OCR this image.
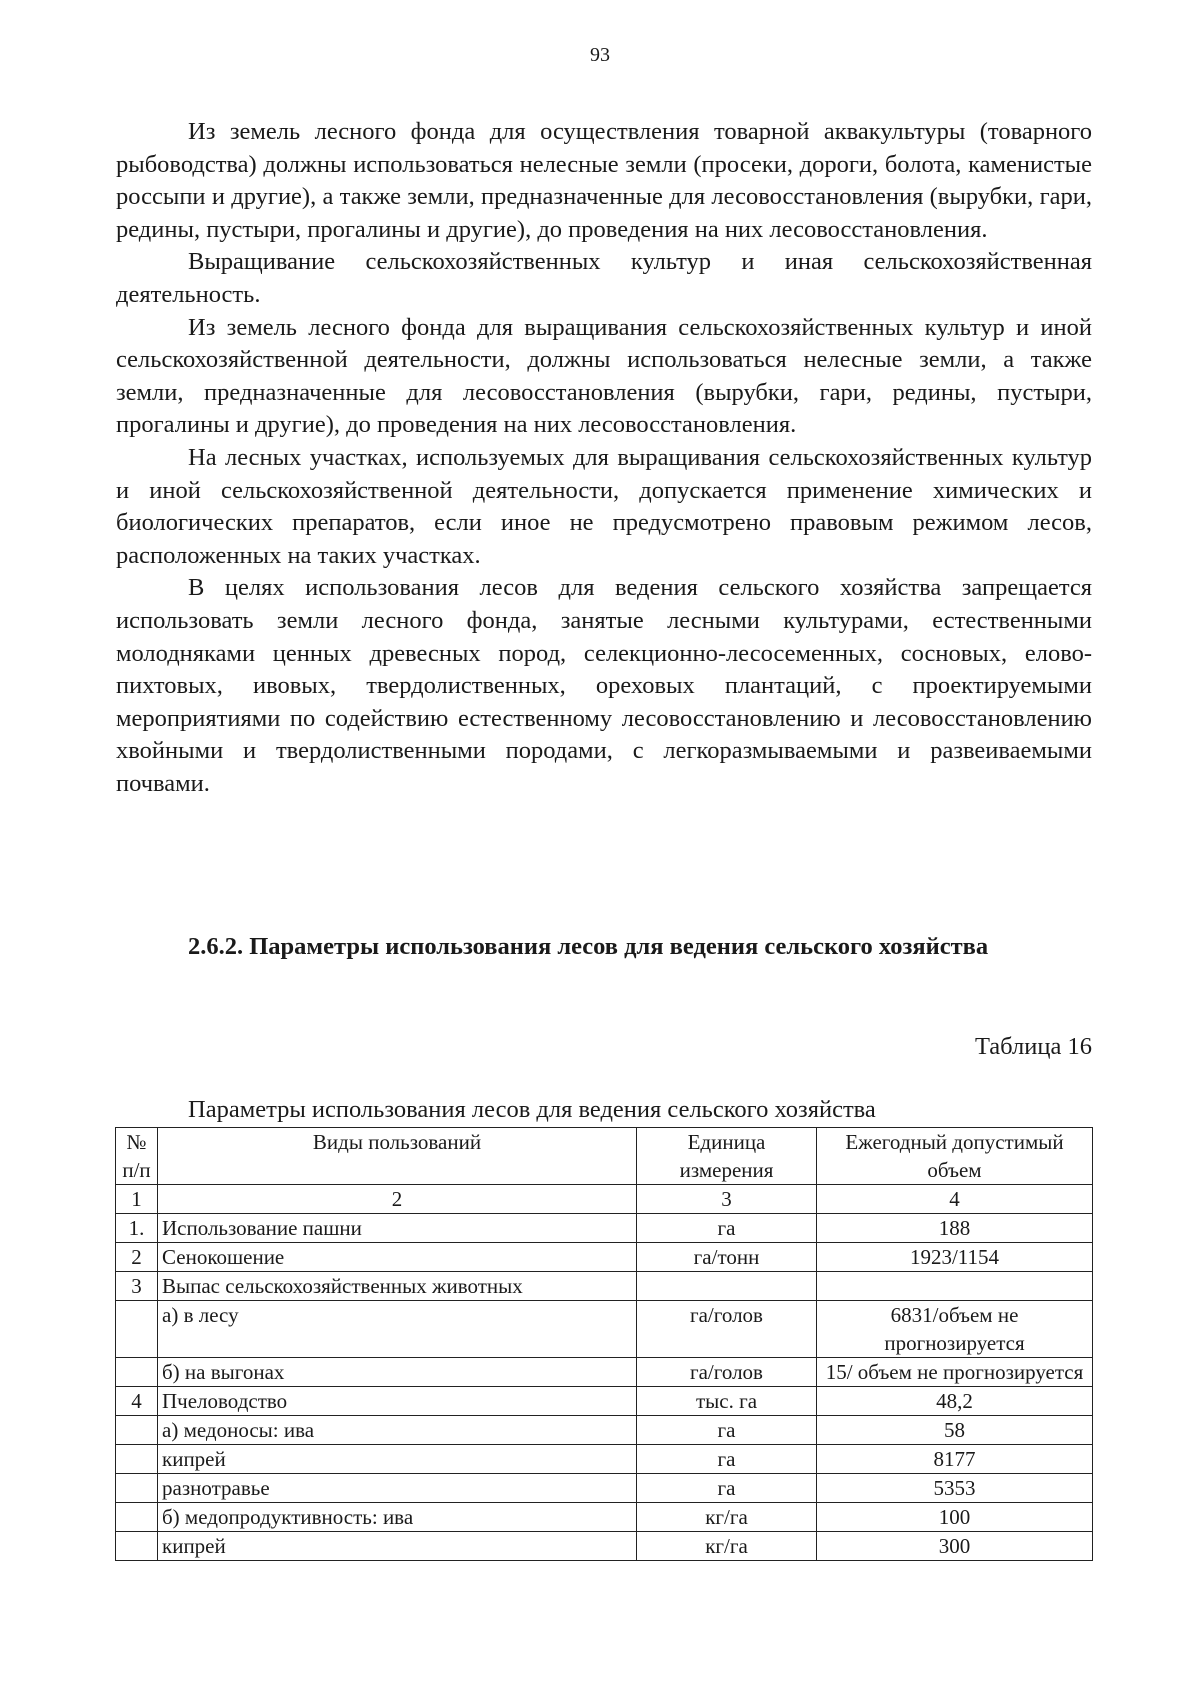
93

Из земель лесного фонда для осуществления товарной аквакультуры (товарного рыбоводства) должны использоваться нелесные земли (просеки, дороги, болота, каменистые россыпи и другие), а также земли, предназначенные для лесовосстановления (вырубки, гари, редины, пустыри, прогалины и другие), до проведения на них лесовосстановления.

Выращивание сельскохозяйственных культур и иная сельскохозяйственная деятельность.

Из земель лесного фонда для выращивания сельскохозяйственных культур и иной сельскохозяйственной деятельности, должны использоваться нелесные земли, а также земли, предназначенные для лесовосстановления (вырубки, гари, редины, пустыри, прогалины и другие), до проведения на них лесовосстановления.

На лесных участках, используемых для выращивания сельскохозяйственных культур и иной сельскохозяйственной деятельности, допускается применение химических и биологических препаратов, если иное не предусмотрено правовым режимом лесов, расположенных на таких участках.

В целях использования лесов для ведения сельского хозяйства запрещается использовать земли лесного фонда, занятые лесными культурами, естественными молодняками ценных древесных пород, селекционно-лесосеменных, сосновых, елово-пихтовых, ивовых, твердолиственных, ореховых плантаций, с проектируемыми мероприятиями по содействию естественному лесовосстановлению и лесовосстановлению хвойными и твердолиственными породами, с легкоразмываемыми и развеиваемыми почвами.

2.6.2. Параметры использования лесов для ведения сельского хозяйства

Таблица 16
Параметры использования лесов для ведения сельского хозяйства
№ п/п	Виды пользований	Единица измерения	Ежегодный допустимый объем
1	2	3	4
1.	Использование пашни	га	188
2	Сенокошение	га/тонн	1923/1154
3	Выпас сельскохозяйственных животных		
	а) в лесу	га/голов	6831/объем не прогнозируется
	б) на выгонах	га/голов	15/ объем не прогнозируется
4	Пчеловодство	тыс. га	48,2
	а) медоносы: ива	га	58
	кипрей	га	8177
	разнотравье	га	5353
	б) медопродуктивность: ива	кг/га	100
	кипрей	кг/га	300
